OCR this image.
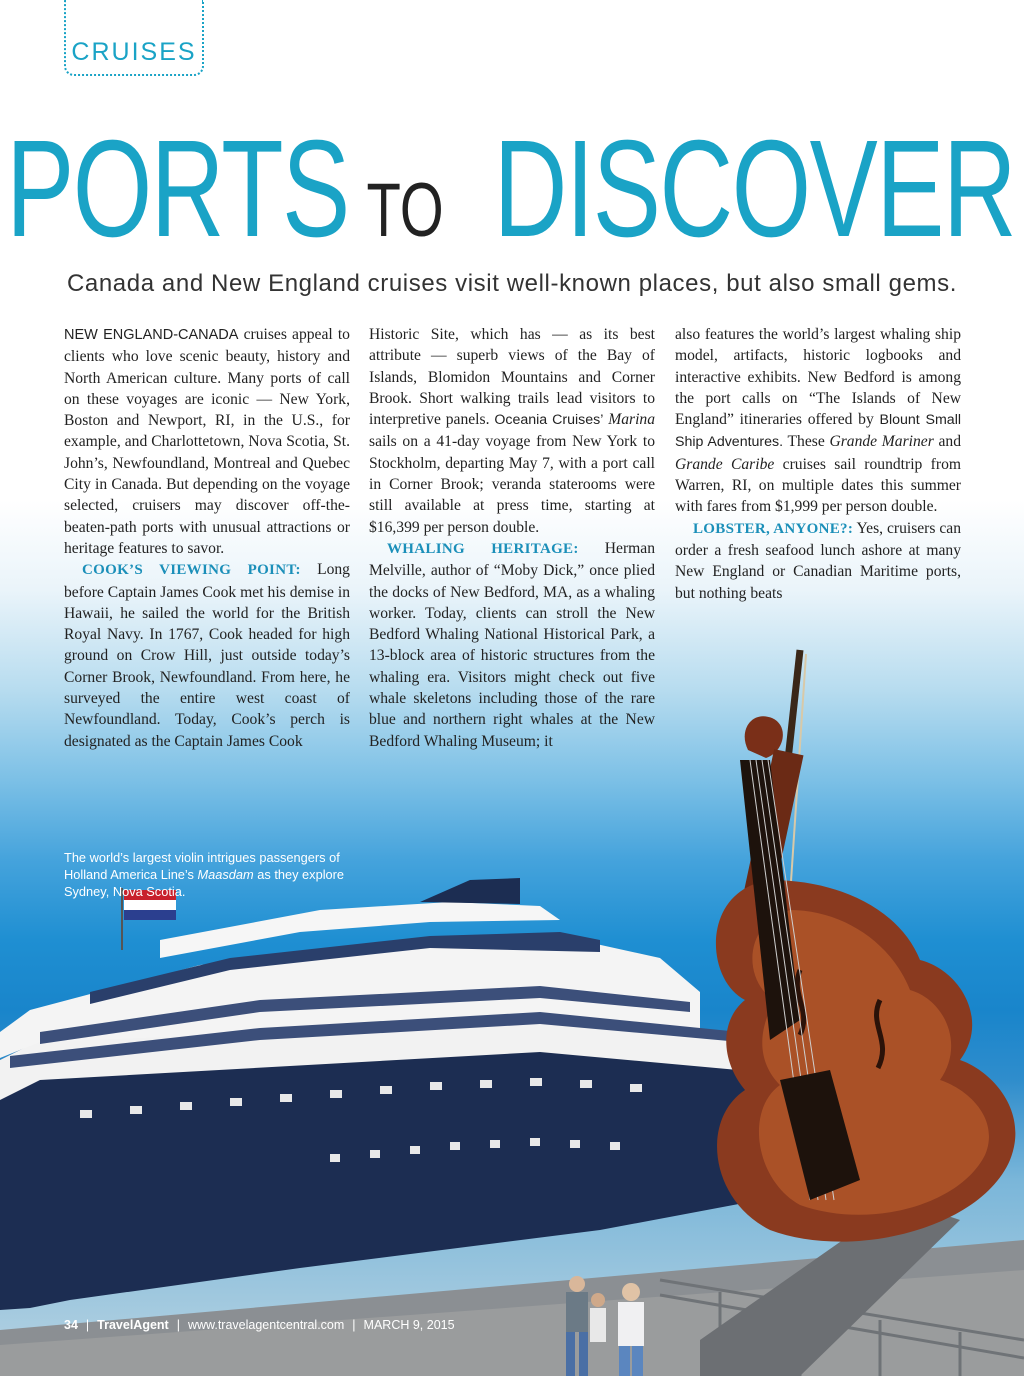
CRUISES
PORTS TO DISCOVER
Canada and New England cruises visit well-known places, but also small gems.

NEW ENGLAND-CANADA cruises appeal to clients who love scenic beauty, history and North American culture. Many ports of call on these voyages are iconic — New York, Boston and Newport, RI, in the U.S., for example, and Charlottetown, Nova Scotia, St. John’s, Newfoundland, Montreal and Quebec City in Canada. But depending on the voyage selected, cruisers may discover off-the-beaten-path ports with unusual attractions or heritage features to savor.

COOK’S VIEWING POINT: Long before Captain James Cook met his demise in Hawaii, he sailed the world for the British Royal Navy. In 1767, Cook headed for high ground on Crow Hill, just outside today’s Corner Brook, Newfoundland. From here, he surveyed the entire west coast of Newfoundland. Today, Cook’s perch is designated as the Captain James Cook

Historic Site, which has — as its best attribute — superb views of the Bay of Islands, Blomidon Mountains and Corner Brook. Short walking trails lead visitors to interpretive panels. Oceania Cruises’ Marina sails on a 41-day voyage from New York to Stockholm, departing May 7, with a port call in Corner Brook; veranda staterooms were still available at press time, starting at $16,399 per person double.

WHALING HERITAGE: Herman Melville, author of “Moby Dick,” once plied the docks of New Bedford, MA, as a whaling worker. Today, clients can stroll the New Bedford Whaling National Historical Park, a 13-block area of historic structures from the whaling era. Visitors might check out five whale skeletons including those of the rare blue and northern right whales at the New Bedford Whaling Museum; it

also features the world’s largest whaling ship model, artifacts, historic logbooks and interactive exhibits. New Bedford is among the port calls on “The Islands of New England” itineraries offered by Blount Small Ship Adventures. These Grande Mariner and Grande Caribe cruises sail roundtrip from Warren, RI, on multiple dates this summer with fares from $1,999 per person double.

LOBSTER, ANYONE?: Yes, cruisers can order a fresh seafood lunch ashore at many New England or Canadian Maritime ports, but nothing beats

The world’s largest violin intrigues passengers of Holland America Line’s Maasdam as they explore Sydney, Nova Scotia.
34 | TravelAgent | www.travelagentcentral.com | MARCH 9, 2015
